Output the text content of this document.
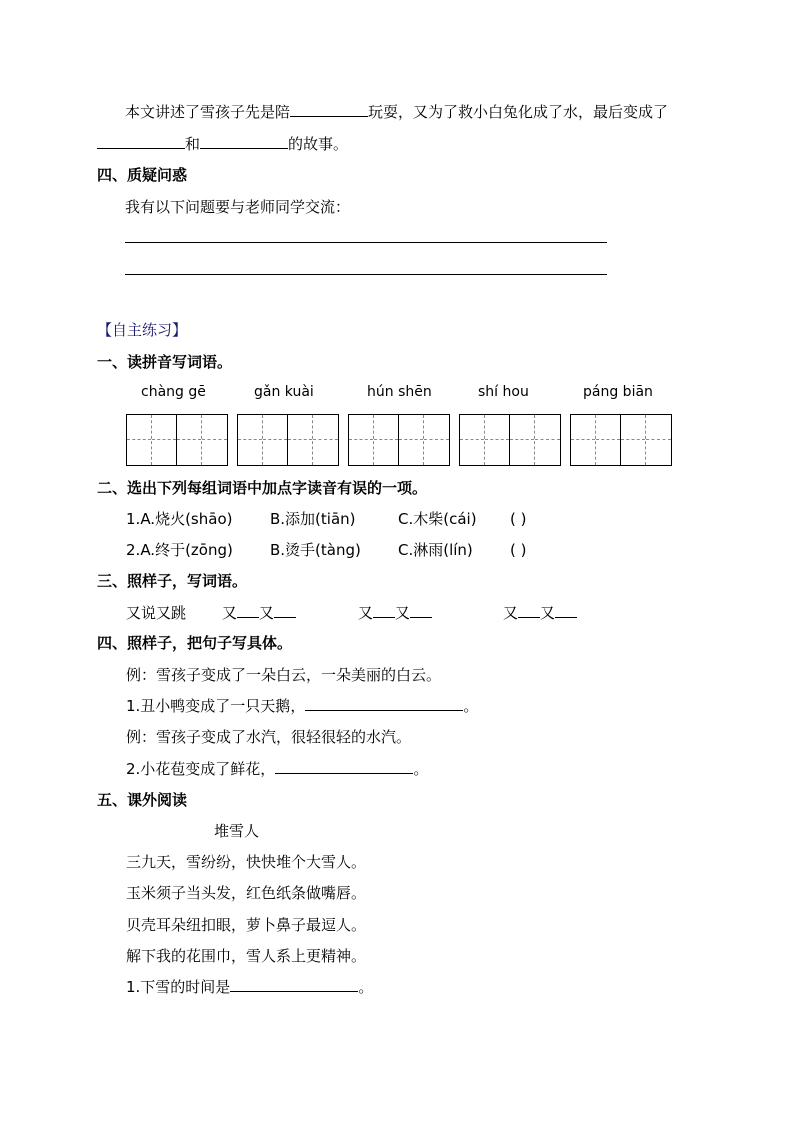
本文讲述了雪孩子先是陪	玩耍，又为了救小白兔化成了水，最后变成了
和	的故事。
四、质疑问惑
我有以下问题要与老师同学交流：
【自主练习】
一、读拼音写词语。
chàng gē	gǎn kuài	hún shēn	shí hou	páng biān
二、选出下列每组词语中加点字读音有误的一项。
1.A.烧火(shāo)	B.添加(tiān)	C.木柴(cái) ( )
2.A.终于(zōng) B.烫手(tàng) C.淋雨(lín) ( )
三、照样子，写词语。
又说又跳 又 又	又 又	又 又
四、照样子，把句子写具体。
例：雪孩子变成了一朵白云，一朵美丽的白云。
1.丑小鸭变成了一只天鹅，	。
例：雪孩子变成了水汽，很轻很轻的水汽。
2.小花苞变成了鲜花，	。
五、课外阅读
堆雪人
三九天，雪纷纷，快快堆个大雪人。
玉米须子当头发，红色纸条做嘴唇。
贝壳耳朵纽扣眼，萝卜鼻子最逗人。
解下我的花围巾，雪人系上更精神。
1.下雪的时间是	。
